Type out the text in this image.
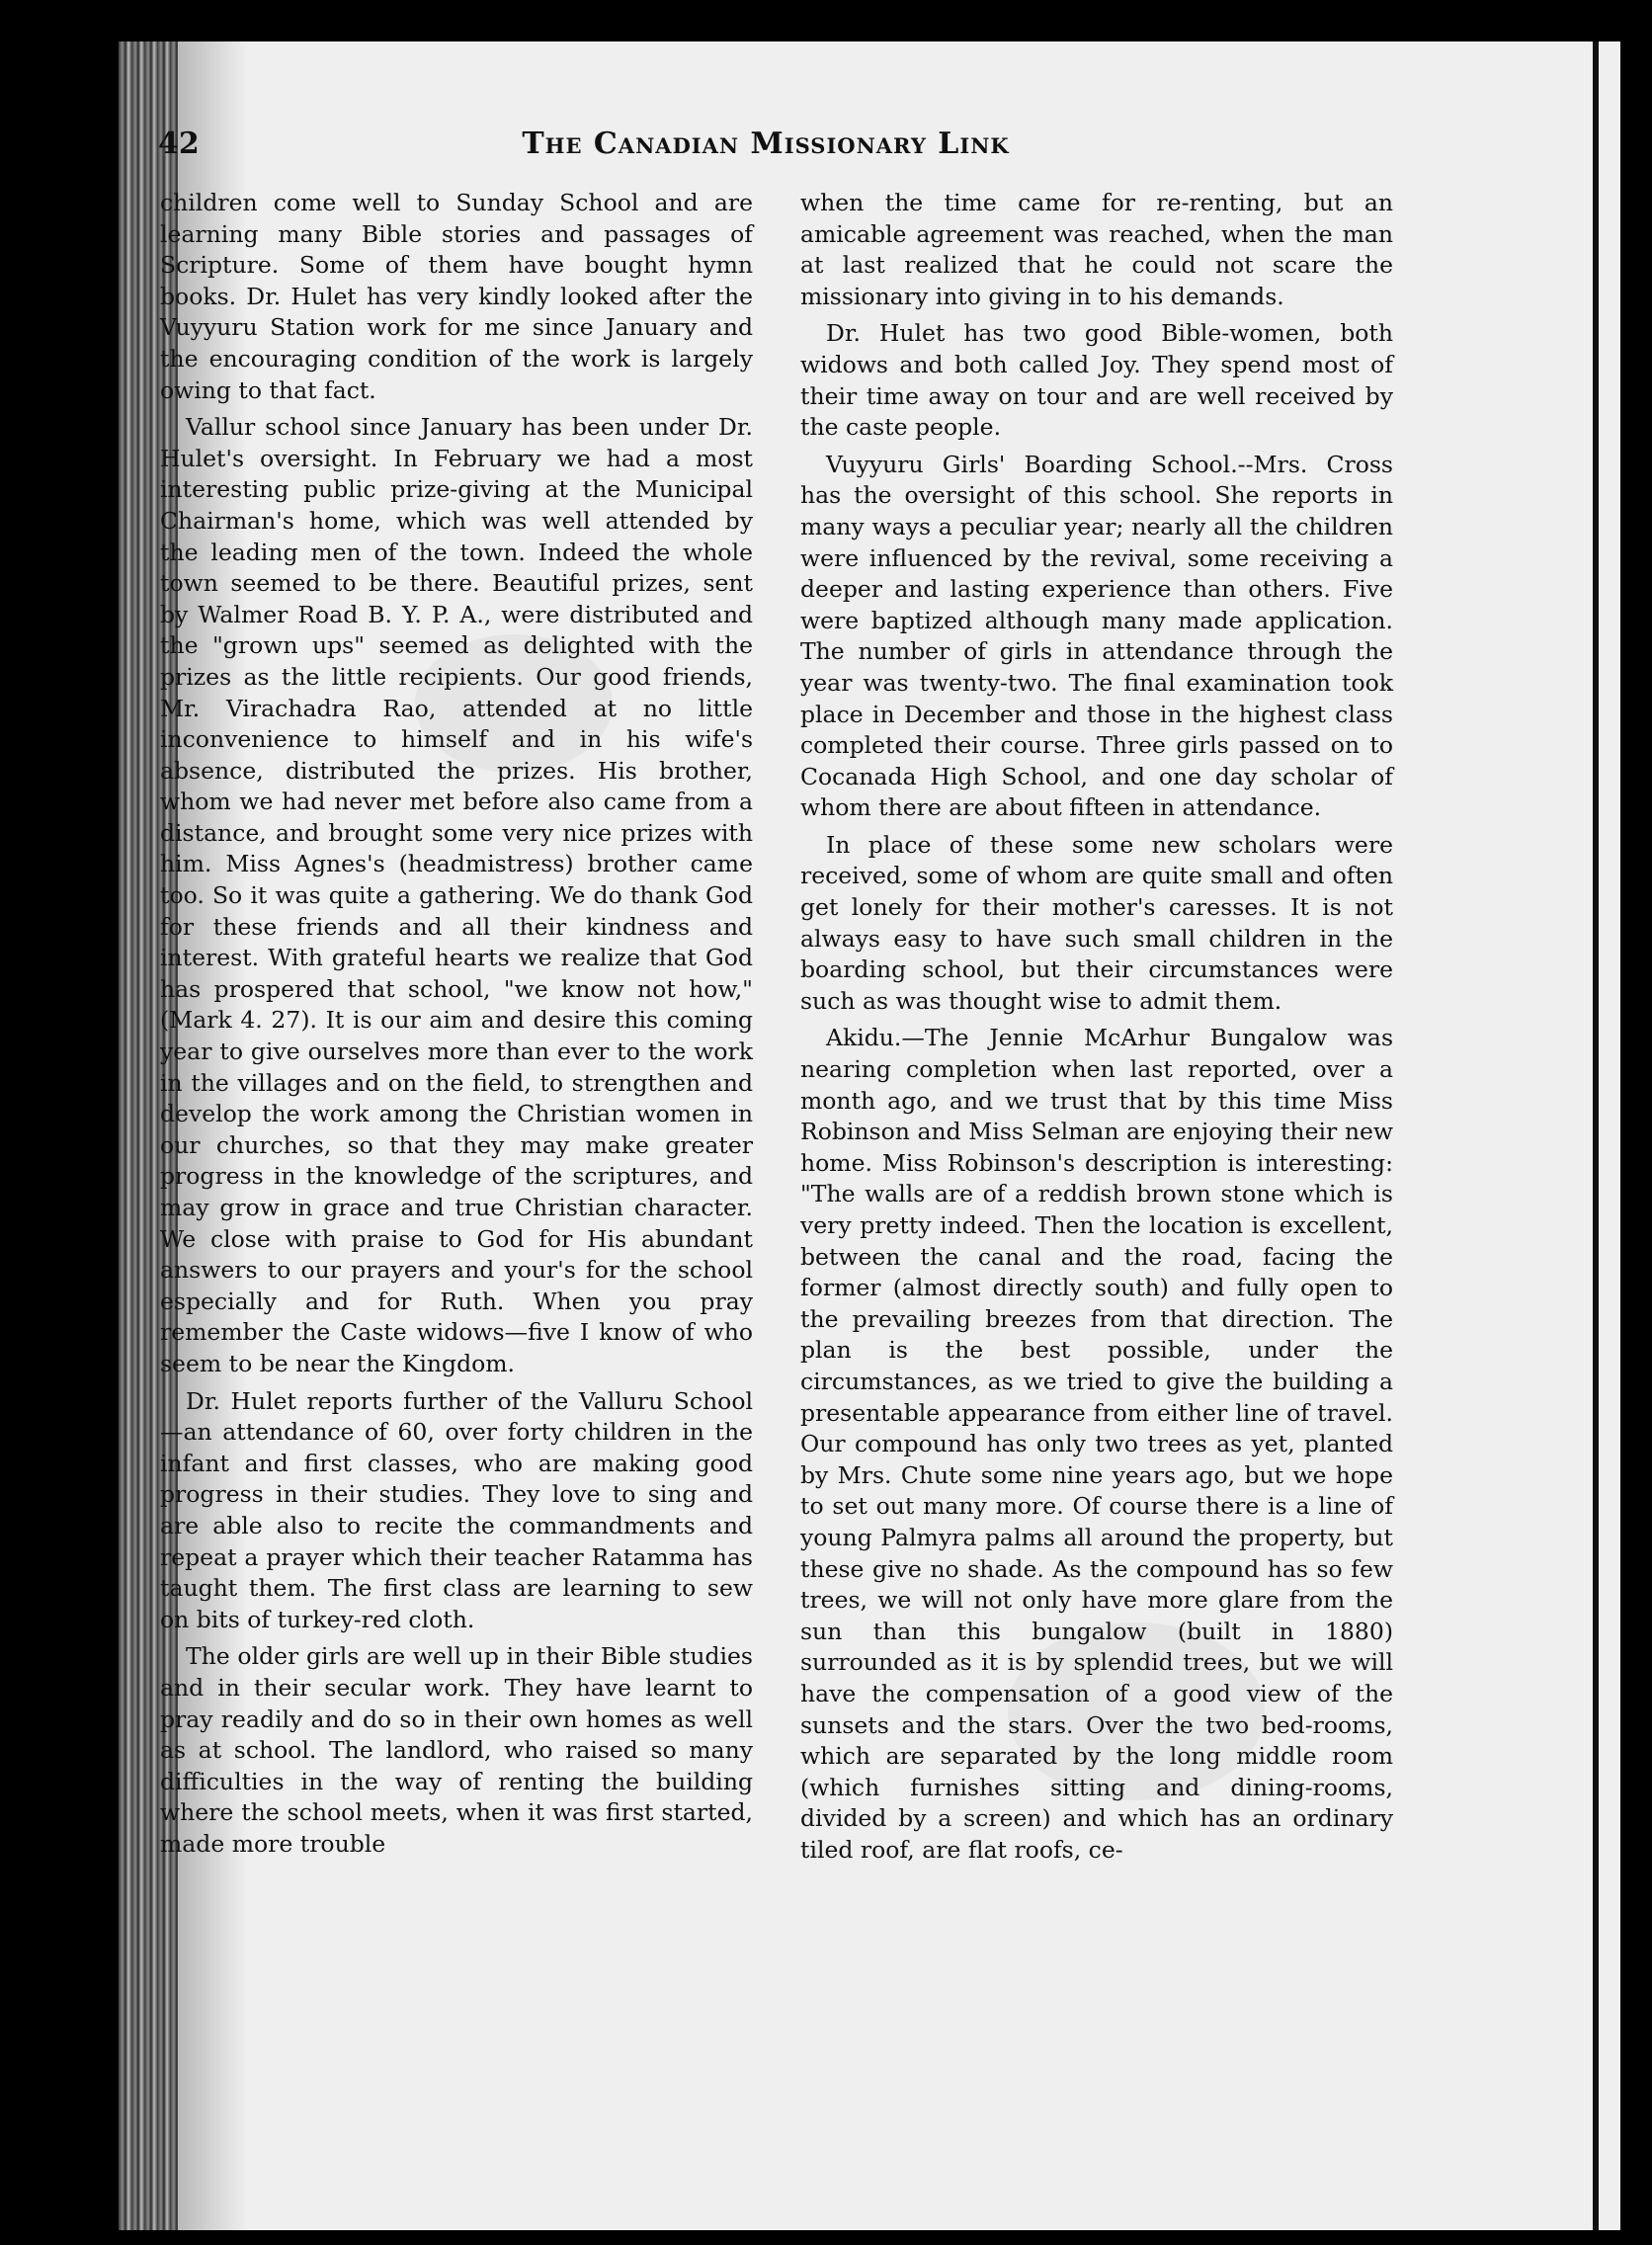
42	The Canadian Missionary Link

children come well to Sunday School and are learning many Bible stories and passages of Scripture. Some of them have bought hymn books. Dr. Hulet has very kindly looked after the Vuyyuru Station work for me since January and the encouraging condition of the work is largely owing to that fact.

Vallur school since January has been under Dr. Hulet's oversight. In February we had a most interesting public prize-giving at the Municipal Chairman's home, which was well attended by the leading men of the town. Indeed the whole town seemed to be there. Beautiful prizes, sent by Walmer Road B. Y. P. A., were distributed and the "grown ups" seemed as delighted with the prizes as the little recipients. Our good friends, Mr. Virachadra Rao, attended at no little inconvenience to himself and in his wife's absence, distributed the prizes. His brother, whom we had never met before also came from a distance, and brought some very nice prizes with him. Miss Agnes's (headmistress) brother came too. So it was quite a gathering. We do thank God for these friends and all their kindness and interest. With grateful hearts we realize that God has prospered that school, "we know not how," (Mark 4. 27). It is our aim and desire this coming year to give ourselves more than ever to the work in the villages and on the field, to strengthen and develop the work among the Christian women in our churches, so that they may make greater progress in the knowledge of the scriptures, and may grow in grace and true Christian character. We close with praise to God for His abundant answers to our prayers and your's for the school especially and for Ruth. When you pray remember the Caste widows—five I know of who seem to be near the Kingdom.

Dr. Hulet reports further of the Valluru School—an attendance of 60, over forty children in the infant and first classes, who are making good progress in their studies. They love to sing and are able also to recite the commandments and repeat a prayer which their teacher Ratamma has taught them. The first class are learning to sew on bits of turkey-red cloth.

The older girls are well up in their Bible studies and in their secular work. They have learnt to pray readily and do so in their own homes as well as at school. The landlord, who raised so many difficulties in the way of renting the building where the school meets, when it was first started, made more trouble

when the time came for re-renting, but an amicable agreement was reached, when the man at last realized that he could not scare the missionary into giving in to his demands.

Dr. Hulet has two good Bible-women, both widows and both called Joy. They spend most of their time away on tour and are well received by the caste people.

Vuyyuru Girls' Boarding School.--Mrs. Cross has the oversight of this school. She reports in many ways a peculiar year; nearly all the children were influenced by the revival, some receiving a deeper and lasting experience than others. Five were baptized although many made application. The number of girls in attendance through the year was twenty-two. The final examination took place in December and those in the highest class completed their course. Three girls passed on to Cocanada High School, and one day scholar of whom there are about fifteen in attendance.

In place of these some new scholars were received, some of whom are quite small and often get lonely for their mother's caresses. It is not always easy to have such small children in the boarding school, but their circumstances were such as was thought wise to admit them.

Akidu.—The Jennie McArhur Bungalow was nearing completion when last reported, over a month ago, and we trust that by this time Miss Robinson and Miss Selman are enjoying their new home. Miss Robinson's description is interesting: "The walls are of a reddish brown stone which is very pretty indeed. Then the location is excellent, between the canal and the road, facing the former (almost directly south) and fully open to the prevailing breezes from that direction. The plan is the best possible, under the circumstances, as we tried to give the building a presentable appearance from either line of travel. Our compound has only two trees as yet, planted by Mrs. Chute some nine years ago, but we hope to set out many more. Of course there is a line of young Palmyra palms all around the property, but these give no shade. As the compound has so few trees, we will not only have more glare from the sun than this bungalow (built in 1880) surrounded as it is by splendid trees, but we will have the compensation of a good view of the sunsets and the stars. Over the two bed-rooms, which are separated by the long middle room (which furnishes sitting and dining-rooms, divided by a screen) and which has an ordinary tiled roof, are flat roofs, ce-
